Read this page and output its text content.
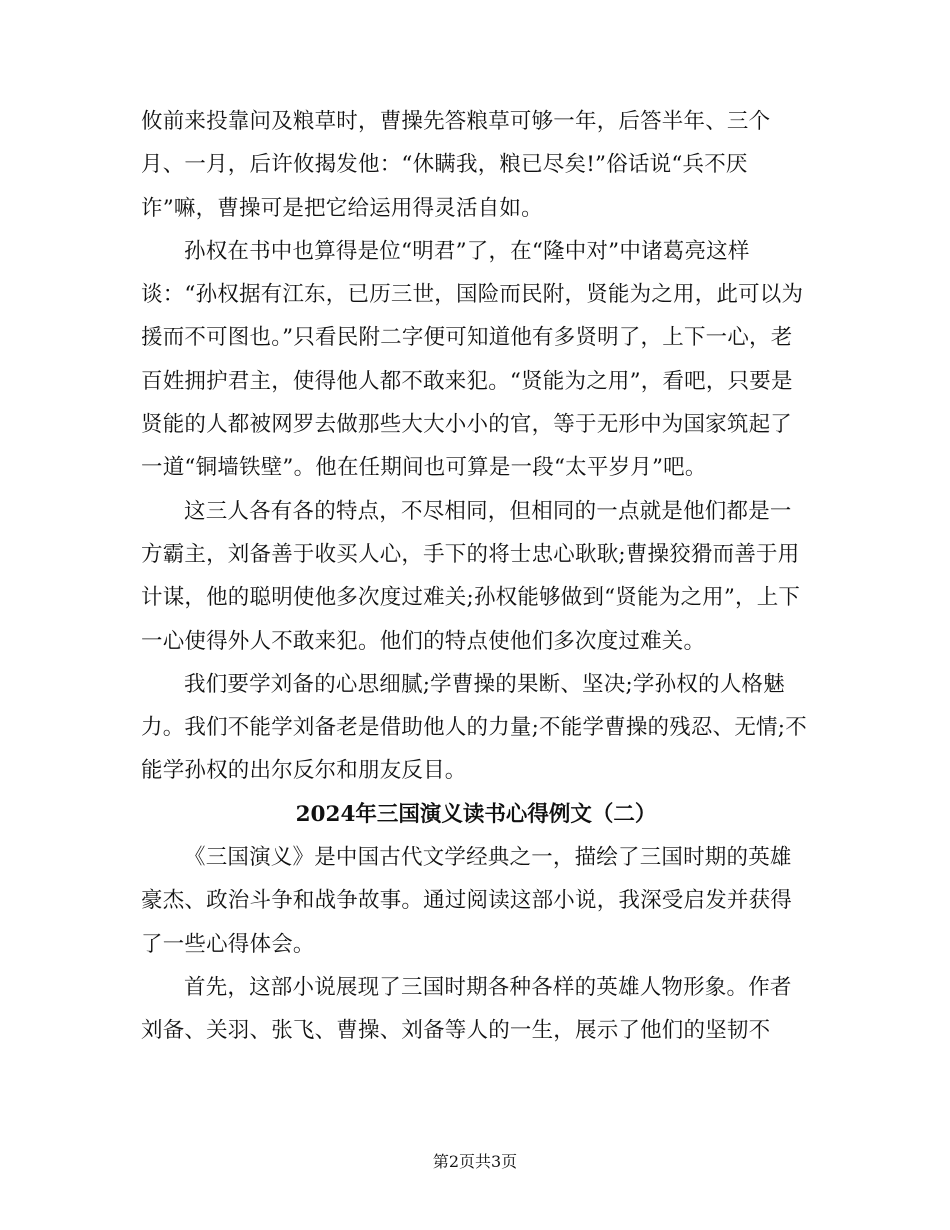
攸前来投靠问及粮草时，曹操先答粮草可够一年，后答半年、三个月、一月，后许攸揭发他：“休瞒我，粮已尽矣!”俗话说“兵不厌诈”嘛，曹操可是把它给运用得灵活自如。

孙权在书中也算得是位“明君”了，在“隆中对”中诸葛亮这样谈：“孙权据有江东，已历三世，国险而民附，贤能为之用，此可以为援而不可图也。”只看民附二字便可知道他有多贤明了，上下一心，老百姓拥护君主，使得他人都不敢来犯。“贤能为之用”，看吧，只要是贤能的人都被网罗去做那些大大小小的官，等于无形中为国家筑起了一道“铜墙铁壁”。他在任期间也可算是一段“太平岁月”吧。

这三人各有各的特点，不尽相同，但相同的一点就是他们都是一方霸主，刘备善于收买人心，手下的将士忠心耿耿;曹操狡猾而善于用计谋，他的聪明使他多次度过难关;孙权能够做到“贤能为之用”，上下一心使得外人不敢来犯。他们的特点使他们多次度过难关。

我们要学刘备的心思细腻;学曹操的果断、坚决;学孙权的人格魅力。我们不能学刘备老是借助他人的力量;不能学曹操的残忍、无情;不能学孙权的出尔反尔和朋友反目。

2024年三国演义读书心得例文（二）

《三国演义》是中国古代文学经典之一，描绘了三国时期的英雄豪杰、政治斗争和战争故事。通过阅读这部小说，我深受启发并获得了一些心得体会。

首先，这部小说展现了三国时期各种各样的英雄人物形象。作者刘备、关羽、张飞、曹操、刘备等人的一生，展示了他们的坚韧不

第2页共3页
